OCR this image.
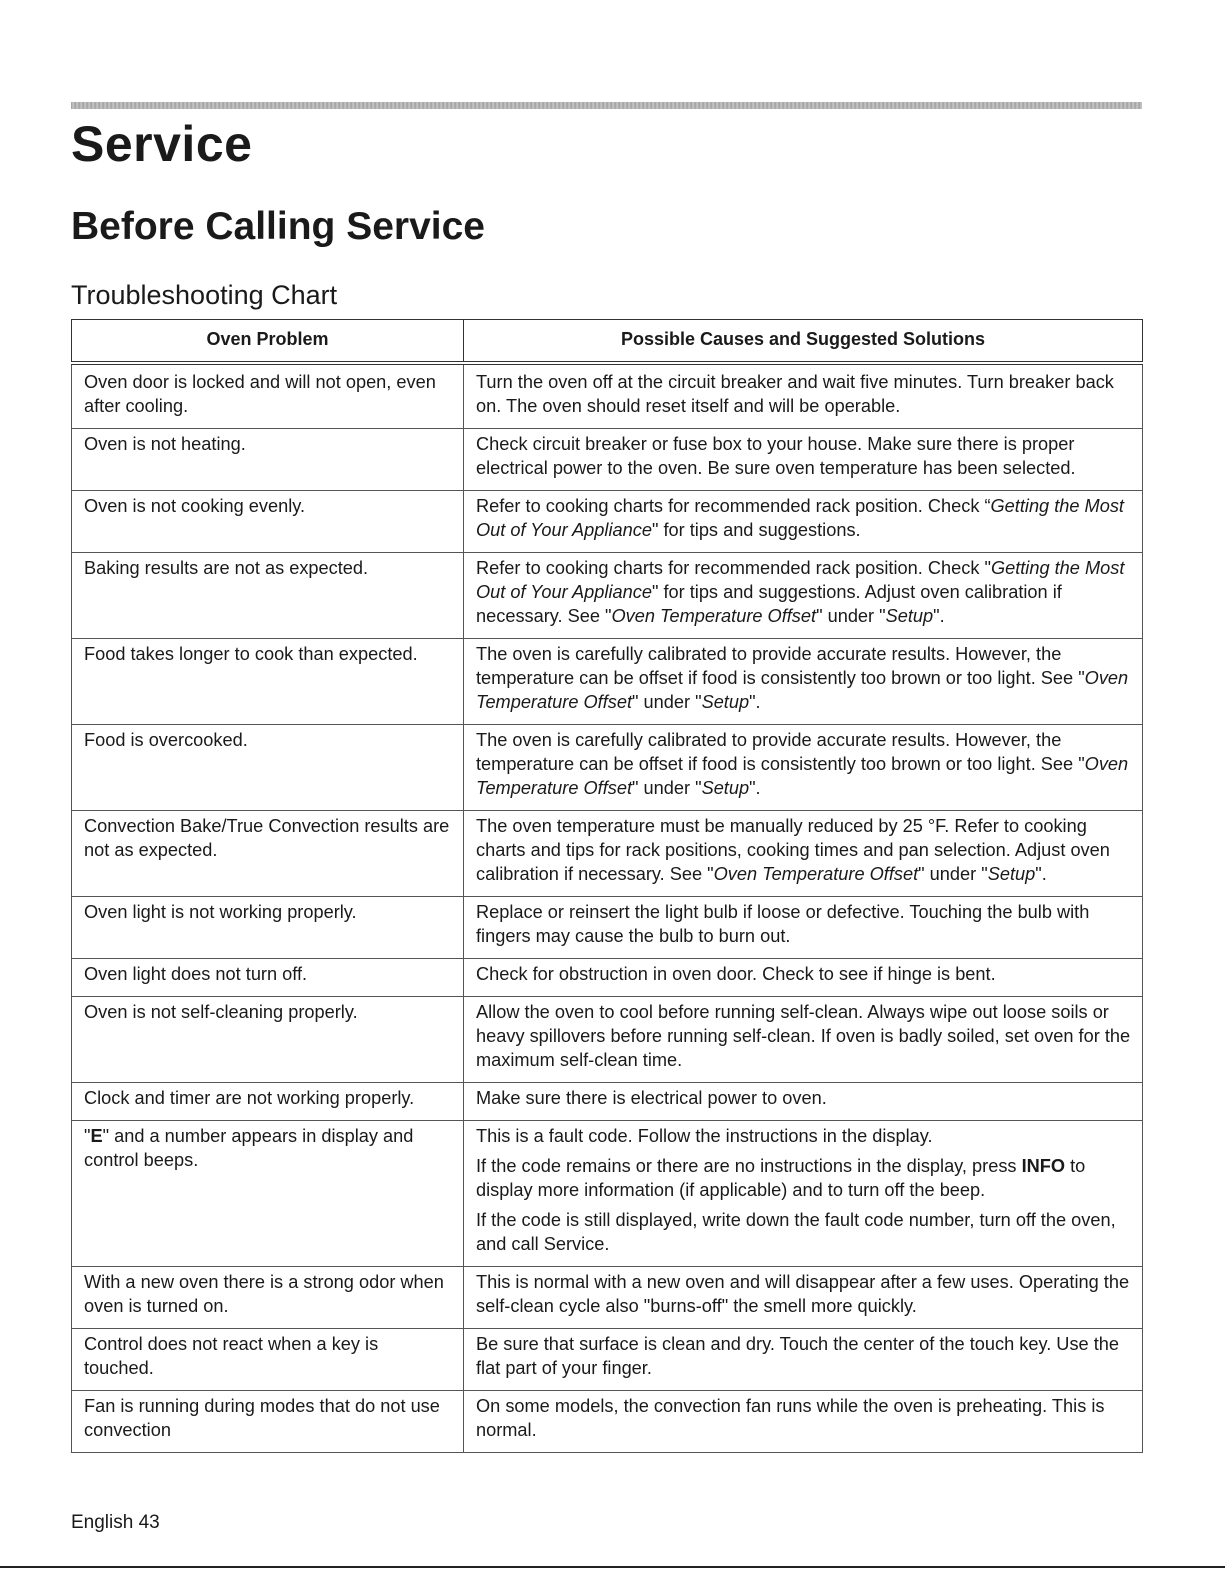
Service
Before Calling Service
Troubleshooting Chart
Oven Problem	Possible Causes and Suggested Solutions
Oven door is locked and will not open, even after cooling.	Turn the oven off at the circuit breaker and wait five minutes. Turn breaker back on. The oven should reset itself and will be operable.

Oven is not heating.	Check circuit breaker or fuse box to your house. Make sure there is proper electrical power to the oven. Be sure oven temperature has been selected.

Oven is not cooking evenly.	Refer to cooking charts for recommended rack position. Check “Getting the Most Out of Your Appliance" for tips and suggestions.

Baking results are not as expected.	Refer to cooking charts for recommended rack position. Check "Getting the Most Out of Your Appliance" for tips and suggestions. Adjust oven calibration if necessary. See "Oven Temperature Offset" under "Setup".

Food takes longer to cook than expected.	The oven is carefully calibrated to provide accurate results. However, the temperature can be offset if food is consistently too brown or too light. See "Oven Temperature Offset" under "Setup".

Food is overcooked.	The oven is carefully calibrated to provide accurate results. However, the temperature can be offset if food is consistently too brown or too light. See "Oven Temperature Offset" under "Setup".

Convection Bake/True Convection results are not as expected.	The oven temperature must be manually reduced by 25 °F. Refer to cooking charts and tips for rack positions, cooking times and pan selection. Adjust oven calibration if necessary. See "Oven Temperature Offset" under "Setup".

Oven light is not working properly.	Replace or reinsert the light bulb if loose or defective. Touching the bulb with fingers may cause the bulb to burn out.

Oven light does not turn off.	Check for obstruction in oven door. Check to see if hinge is bent.

Oven is not self-cleaning properly.	Allow the oven to cool before running self-clean. Always wipe out loose soils or heavy spillovers before running self-clean. If oven is badly soiled, set oven for the maximum self-clean time.

Clock and timer are not working properly.	Make sure there is electrical power to oven.

"E" and a number appears in display and control beeps.	This is a fault code. Follow the instructions in the display.
If the code remains or there are no instructions in the display, press INFO to display more information (if applicable) and to turn off the beep.
If the code is still displayed, write down the fault code number, turn off the oven, and call Service.

With a new oven there is a strong odor when oven is turned on.	This is normal with a new oven and will disappear after a few uses. Operating the self-clean cycle also "burns-off" the smell more quickly.

Control does not react when a key is touched.	Be sure that surface is clean and dry. Touch the center of the touch key. Use the flat part of your finger.

Fan is running during modes that do not use convection	On some models, the convection fan runs while the oven is preheating. This is normal.
English 43
